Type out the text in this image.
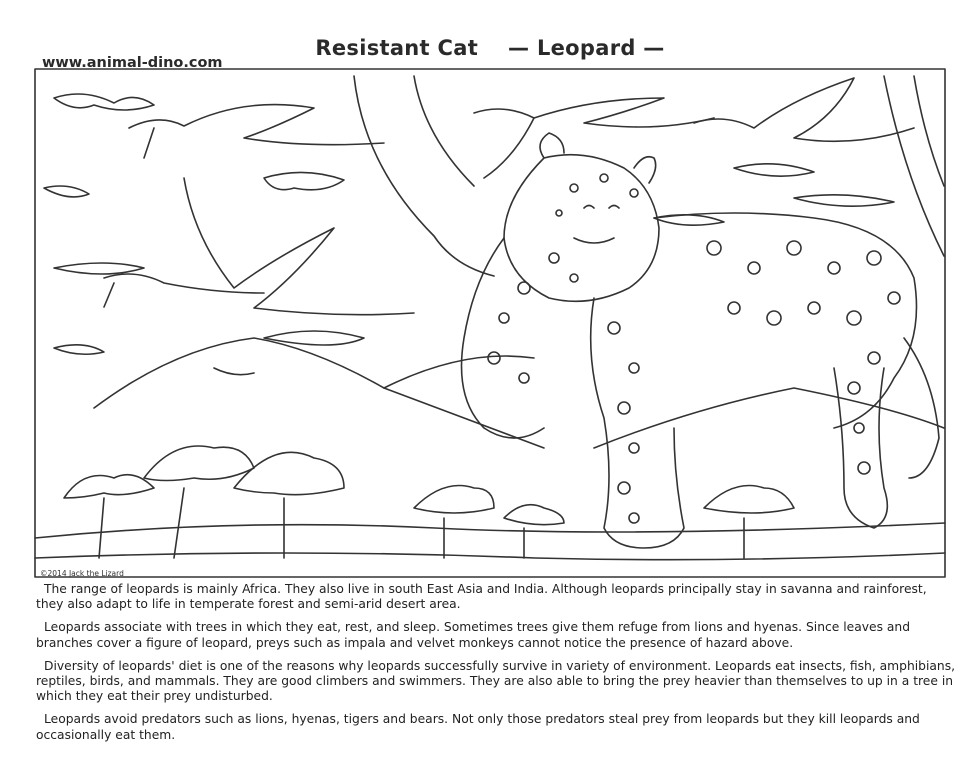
Resistant Cat — Leopard —
www.animal-dino.com
©2014 Jack the Lizard

The range of leopards is mainly Africa. They also live in south East Asia and India. Although leopards principally stay in savanna and rainforest, they also adapt to life in temperate forest and semi-arid desert area.

Leopards associate with trees in which they eat, rest, and sleep. Sometimes trees give them refuge from lions and hyenas. Since leaves and branches cover a figure of leopard, preys such as impala and velvet monkeys cannot notice the presence of hazard above.

Diversity of leopards' diet is one of the reasons why leopards successfully survive in variety of environment. Leopards eat insects, fish, amphibians, reptiles, birds, and mammals. They are good climbers and swimmers. They are also able to bring the prey heavier than themselves to up in a tree in which they eat their prey undisturbed.

Leopards avoid predators such as lions, hyenas, tigers and bears. Not only those predators steal prey from leopards but they kill leopards and occasionally eat them.
